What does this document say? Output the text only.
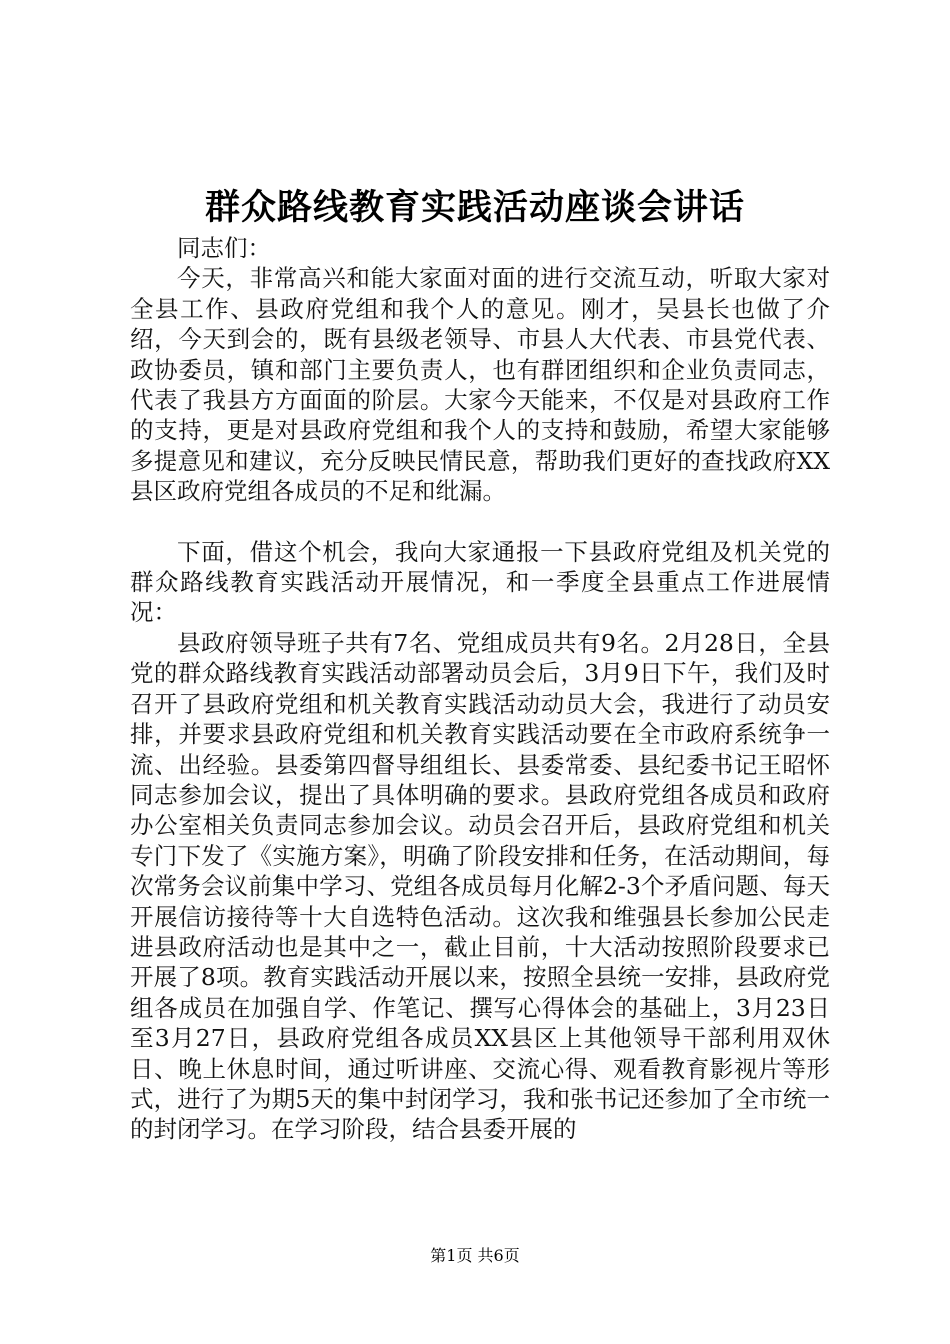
群众路线教育实践活动座谈会讲话

同志们：

今天，非常高兴和能大家面对面的进行交流互动，听取大家对全县工作、县政府党组和我个人的意见。刚才，吴县长也做了介绍，今天到会的，既有县级老领导、市县人大代表、市县党代表、政协委员，镇和部门主要负责人，也有群团组织和企业负责同志，代表了我县方方面面的阶层。大家今天能来，不仅是对县政府工作的支持，更是对县政府党组和我个人的支持和鼓励，希望大家能够多提意见和建议，充分反映民情民意，帮助我们更好的查找政府XX县区政府党组各成员的不足和纰漏。

下面，借这个机会，我向大家通报一下县政府党组及机关党的群众路线教育实践活动开展情况，和一季度全县重点工作进展情况：

县政府领导班子共有7名、党组成员共有9名。2月28日，全县党的群众路线教育实践活动部署动员会后，3月9日下午，我们及时召开了县政府党组和机关教育实践活动动员大会，我进行了动员安排，并要求县政府党组和机关教育实践活动要在全市政府系统争一流、出经验。县委第四督导组组长、县委常委、县纪委书记王昭怀同志参加会议，提出了具体明确的要求。县政府党组各成员和政府办公室相关负责同志参加会议。动员会召开后，县政府党组和机关专门下发了《实施方案》，明确了阶段安排和任务，在活动期间，每次常务会议前集中学习、党组各成员每月化解2-3个矛盾问题、每天开展信访接待等十大自选特色活动。这次我和维强县长参加公民走进县政府活动也是其中之一，截止目前，十大活动按照阶段要求已开展了8项。教育实践活动开展以来，按照全县统一安排，县政府党组各成员在加强自学、作笔记、撰写心得体会的基础上，3月23日至3月27日，县政府党组各成员XX县区上其他领导干部利用双休日、晚上休息时间，通过听讲座、交流心得、观看教育影视片等形式，进行了为期5天的集中封闭学习，我和张书记还参加了全市统一的封闭学习。在学习阶段，结合县委开展的

第1页 共6页
